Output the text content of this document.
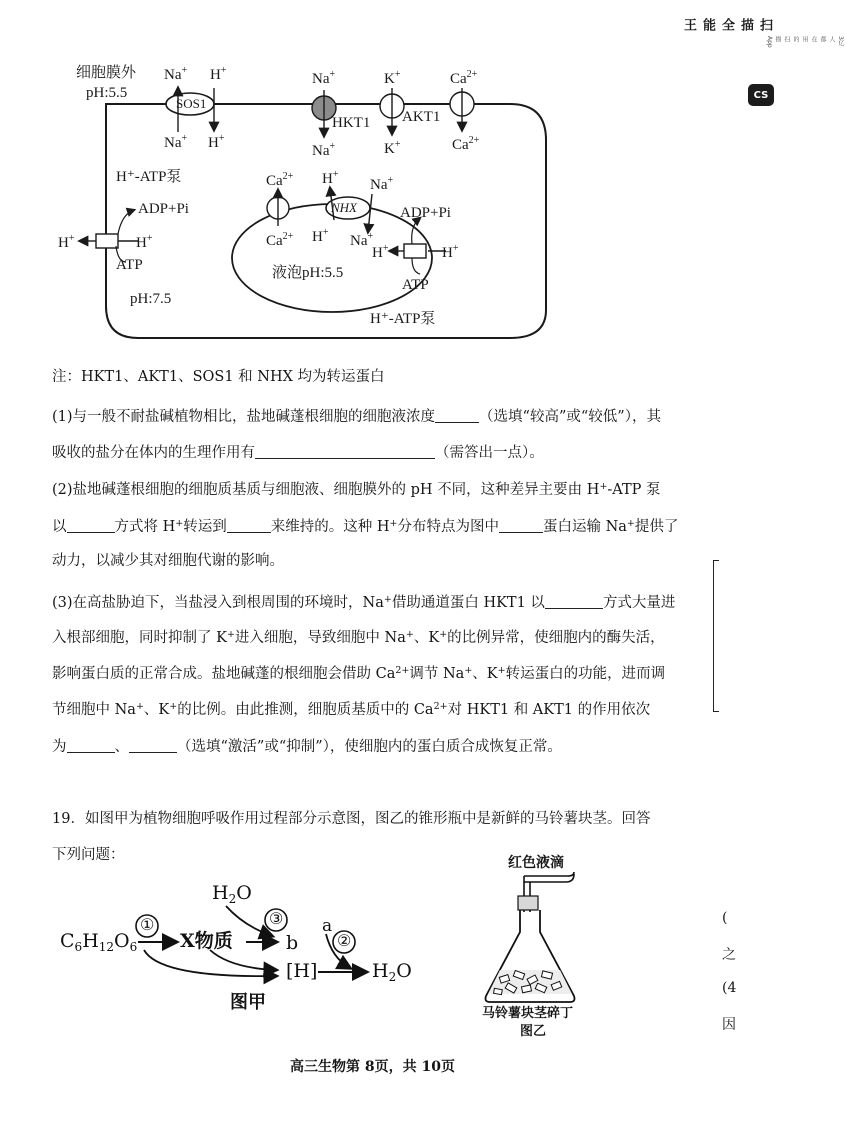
扫描全能王
3亿人都在用的扫描App
CS
细胞膜外
pH:5.5
pH:7.5
液泡pH:5.5
SOS1
HKT1 AKT1
NHX
H⁺-ATP泵
ADP+Pi
ATP
ADP+Pi
ATP
H⁺-ATP泵
Na+ H+
Na+ H+
Na+
Na+
K+
K+
$Ca^{2+}$
$Ca^{2+}$
$Ca^{2+}$
$Ca^{2+}$
H+
H+
Na+
Na+
H+	H+
H+	H+
注：HKT1、AKT1、SOS1 和 NHX 均为转运蛋白
(1)与一般不耐盐碱植物相比，盐地碱蓬根细胞的细胞液浓度	（选填“较高”或“较低”），其
吸收的盐分在体内的生理作用有	（需答出一点）。
(2)盐地碱蓬根细胞的细胞质基质与细胞液、细胞膜外的 pH 不同，这种差异主要由 H+-ATP 泵
以	方式将 H+转运到	来维持的。这种 H+分布特点为图中	蛋白运输 Na+提供了
动力，以减少其对细胞代谢的影响。
(3)在高盐胁迫下，当盐浸入到根周围的环境时，Na+借助通道蛋白 HKT1 以	方式大量进
入根部细胞，同时抑制了 K+进入细胞，导致细胞中 Na+、K+的比例异常，使细胞内的酶失活，
影响蛋白质的正常合成。盐地碱蓬的根细胞会借助 $Ca^{2+}$调节 Na+、K+转运蛋白的功能，进而调
节细胞中 Na+、K+的比例。由此推测，细胞质基质中的 $Ca^{2+}$对 HKT1 和 AKT1 的作用依次
为	、	（选填“激活”或“抑制”），使细胞内的蛋白质合成恢复正常。
19．如图甲为植物细胞呼吸作用过程部分示意图，图乙的锥形瓶中是新鲜的马铃薯块茎。回答
下列问题：
$C_6H_{12}O_6$
①
X物质
$H_2O$
③
b
a
②
[H]	$H_2O$
图甲
红色液滴
马铃薯块茎碎丁
图乙
(
之
(4
因
高三生物第 8页，共 10页
